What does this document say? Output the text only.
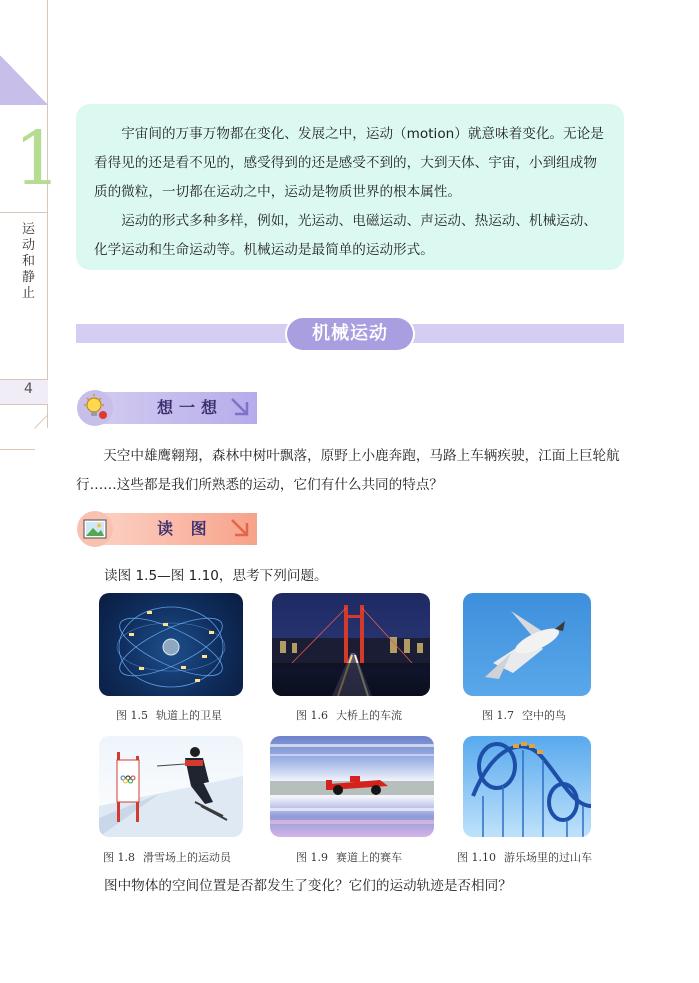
1
运动和静止
4

宇宙间的万事万物都在变化、发展之中，运动（motion）就意味着变化。无论是看得见的还是看不见的，感受得到的还是感受不到的，大到天体、宇宙，小到组成物质的微粒，一切都在运动之中，运动是物质世界的根本属性。

运动的形式多种多样，例如，光运动、电磁运动、声运动、热运动、机械运动、化学运动和生命运动等。机械运动是最简单的运动形式。

机械运动
想一想

天空中雄鹰翱翔，森林中树叶飘落，原野上小鹿奔跑，马路上车辆疾驶，江面上巨轮航行……这些都是我们所熟悉的运动，它们有什么共同的特点？

读 图

读图 1.5—图 1.10，思考下列问题。

图 1.5 轨道上的卫星	图 1.6 大桥上的车流	图 1.7 空中的鸟
图 1.8 滑雪场上的运动员	图 1.9 赛道上的赛车	图 1.10 游乐场里的过山车

图中物体的空间位置是否都发生了变化？它们的运动轨迹是否相同？
